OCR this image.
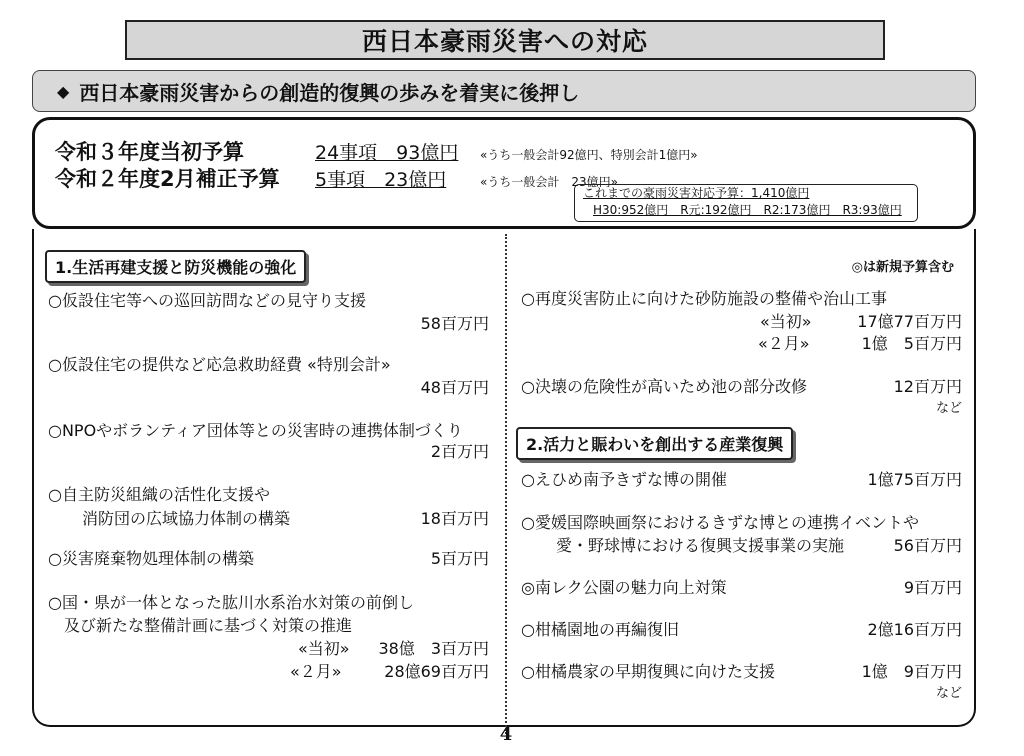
西日本豪雨災害への対応
◆ 西日本豪雨災害からの創造的復興の歩みを着実に後押し
令和３年度当初予算	24事項　93億円	«うち一般会計92億円、特別会計1億円»
令和２年度2月補正予算	5事項　23億円	«うち一般会計　23億円»
これまでの豪雨災害対応予算：1,410億円
H30:952億円　R元:192億円　R2:173億円　R3:93億円
1.生活再建支援と防災機能の強化
○仮設住宅等への巡回訪問などの見守り支援
58百万円
○仮設住宅の提供など応急救助経費 «特別会計»
48百万円
○NPOやボランティア団体等との災害時の連携体制づくり
2百万円
○自主防災組織の活性化支援や
消防団の広域協力体制の構築	18百万円
○災害廃棄物処理体制の構築	5百万円
○国・県が一体となった肱川水系治水対策の前倒し
及び新たな整備計画に基づく対策の推進
«当初» 38億　3百万円
«２月»	28億69百万円
◎は新規予算含む
○再度災害防止に向けた砂防施設の整備や治山工事
«当初»	17億77百万円
«２月»	1億　5百万円
○決壊の危険性が高いため池の部分改修	12百万円
など
2.活力と賑わいを創出する産業復興
○えひめ南予きずな博の開催	1億75百万円
○愛媛国際映画祭におけるきずな博との連携イベントや
愛・野球博における復興支援事業の実施	56百万円
◎南レク公園の魅力向上対策	9百万円
○柑橘園地の再編復旧	2億16百万円
○柑橘農家の早期復興に向けた支援	1億　9百万円
など
4
